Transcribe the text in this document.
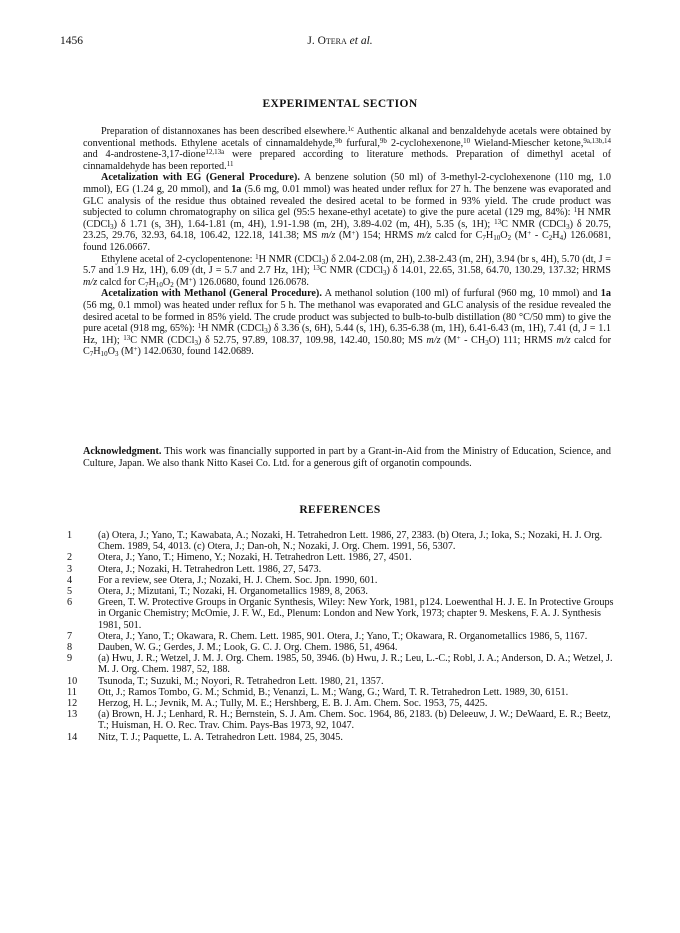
1456	J. Otera et al.
EXPERIMENTAL SECTION

Preparation of distannoxanes has been described elsewhere.$^{1c}$ Authentic alkanal and benzaldehyde acetals were obtained by conventional methods. Ethylene acetals of cinnamaldehyde,$^{9b}$ furfural,$^{9b}$ 2-cyclohexenone,$^{10}$ Wieland-Miescher ketone,$^{9a,13b,14}$ and 4-androstene-3,17-dione$^{12,13a}$ were prepared according to literature methods. Preparation of dimethyl acetal of cinnamaldehyde has been reported.$^{11}$

Acetalization with EG (General Procedure). A benzene solution (50 ml) of 3-methyl-2-cyclohexenone (110 mg, 1.0 mmol), EG (1.24 g, 20 mmol), and 1a (5.6 mg, 0.01 mmol) was heated under reflux for 27 h. The benzene was evaporated and GLC analysis of the residue thus obtained revealed the desired acetal to be formed in 93% yield. The crude product was subjected to column chromatography on silica gel (95:5 hexane-ethyl acetate) to give the pure acetal (129 mg, 84%): $^1$H NMR (CDCl$_3$) δ 1.71 (s, 3H), 1.64-1.81 (m, 4H), 1.91-1.98 (m, 2H), 3.89-4.02 (m, 4H), 5.35 (s, 1H); $^{13}$C NMR (CDCl$_3$) δ 20.75, 23.25, 29.76, 32.93, 64.18, 106.42, 122.18, 141.38; MS m/z (M+) 154; HRMS m/z calcd for $C_7H_{10}O_2$ $(M^+ - C_2H_4)$ 126.0681, found 126.0667.

Ethylene acetal of 2-cyclopentenone: $^1$H NMR (CDCl$_3$) δ 2.04-2.08 (m, 2H), 2.38-2.43 (m, 2H), 3.94 (br s, 4H), 5.70 (dt, J = 5.7 and 1.9 Hz, 1H), 6.09 (dt, J = 5.7 and 2.7 Hz, 1H); $^{13}$C NMR (CDCl$_3$) δ 14.01, 22.65, 31.58, 64.70, 130.29, 137.32; HRMS m/z calcd for $C_7H_{10}O_2$ (M+) 126.0680, found 126.0678.

Acetalization with Methanol (General Procedure). A methanol solution (100 ml) of furfural (960 mg, 10 mmol) and 1a (56 mg, 0.1 mmol) was heated under reflux for 5 h. The methanol was evaporated and GLC analysis of the residue revealed the desired acetal to be formed in 85% yield. The crude product was subjected to bulb-to-bulb distillation (80 °C/50 mm) to give the pure acetal (918 mg, 65%): $^1$H NMR (CDCl$_3$) δ 3.36 (s, 6H), 5.44 (s, 1H), 6.35-6.38 (m, 1H), 6.41-6.43 (m, 1H), 7.41 (d, J = 1.1 Hz, 1H); $^{13}$C NMR (CDCl$_3$) δ 52.75, 97.89, 108.37, 109.98, 142.40, 150.80; MS m/z $(M^+ - CH_3O)$ 111; HRMS m/z calcd for $C_7H_{10}O_3$ (M+) 142.0630, found 142.0689.

Acknowledgment. This work was financially supported in part by a Grant-in-Aid from the Ministry of Education, Science, and Culture, Japan. We also thank Nitto Kasei Co. Ltd. for a generous gift of organotin compounds.
REFERENCES
1	(a) Otera, J.; Yano, T.; Kawabata, A.; Nozaki, H. Tetrahedron Lett. 1986, 27, 2383. (b) Otera, J.; Ioka, S.; Nozaki, H. J. Org. Chem. 1989, 54, 4013. (c) Otera, J.; Dan-oh, N.; Nozaki, J. Org. Chem. 1991, 56, 5307.
2	Otera, J.; Yano, T.; Himeno, Y.; Nozaki, H. Tetrahedron Lett. 1986, 27, 4501.
3	Otera, J.; Nozaki, H. Tetrahedron Lett. 1986, 27, 5473.
4	For a review, see Otera, J.; Nozaki, H. J. Chem. Soc. Jpn. 1990, 601.
5	Otera, J.; Mizutani, T.; Nozaki, H. Organometallics 1989, 8, 2063.
6	Green, T. W. Protective Groups in Organic Synthesis, Wiley: New York, 1981, p124. Loewenthal H. J. E. In Protective Groups in Organic Chemistry; McOmie, J. F. W., Ed., Plenum: London and New York, 1973; chapter 9. Meskens, F. A. J. Synthesis 1981, 501.
7	Otera, J.; Yano, T.; Okawara, R. Chem. Lett. 1985, 901. Otera, J.; Yano, T.; Okawara, R. Organometallics 1986, 5, 1167.
8	Dauben, W. G.; Gerdes, J. M.; Look, G. C. J. Org. Chem. 1986, 51, 4964.
9	(a) Hwu, J. R.; Wetzel, J. M. J. Org. Chem. 1985, 50, 3946. (b) Hwu, J. R.; Leu, L.-C.; Robl, J. A.; Anderson, D. A.; Wetzel, J. M. J. Org. Chem. 1987, 52, 188.
10	Tsunoda, T.; Suzuki, M.; Noyori, R. Tetrahedron Lett. 1980, 21, 1357.
11	Ott, J.; Ramos Tombo, G. M.; Schmid, B.; Venanzi, L. M.; Wang, G.; Ward, T. R. Tetrahedron Lett. 1989, 30, 6151.
12	Herzog, H. L.; Jevnik, M. A.; Tully, M. E.; Hershberg, E. B. J. Am. Chem. Soc. 1953, 75, 4425.
13	(a) Brown, H. J.; Lenhard, R. H.; Bernstein, S. J. Am. Chem. Soc. 1964, 86, 2183. (b) Deleeuw, J. W.; DeWaard, E. R.; Beetz, T.; Huisman, H. O. Rec. Trav. Chim. Pays-Bas 1973, 92, 1047.
14	Nitz, T. J.; Paquette, L. A. Tetrahedron Lett. 1984, 25, 3045.
